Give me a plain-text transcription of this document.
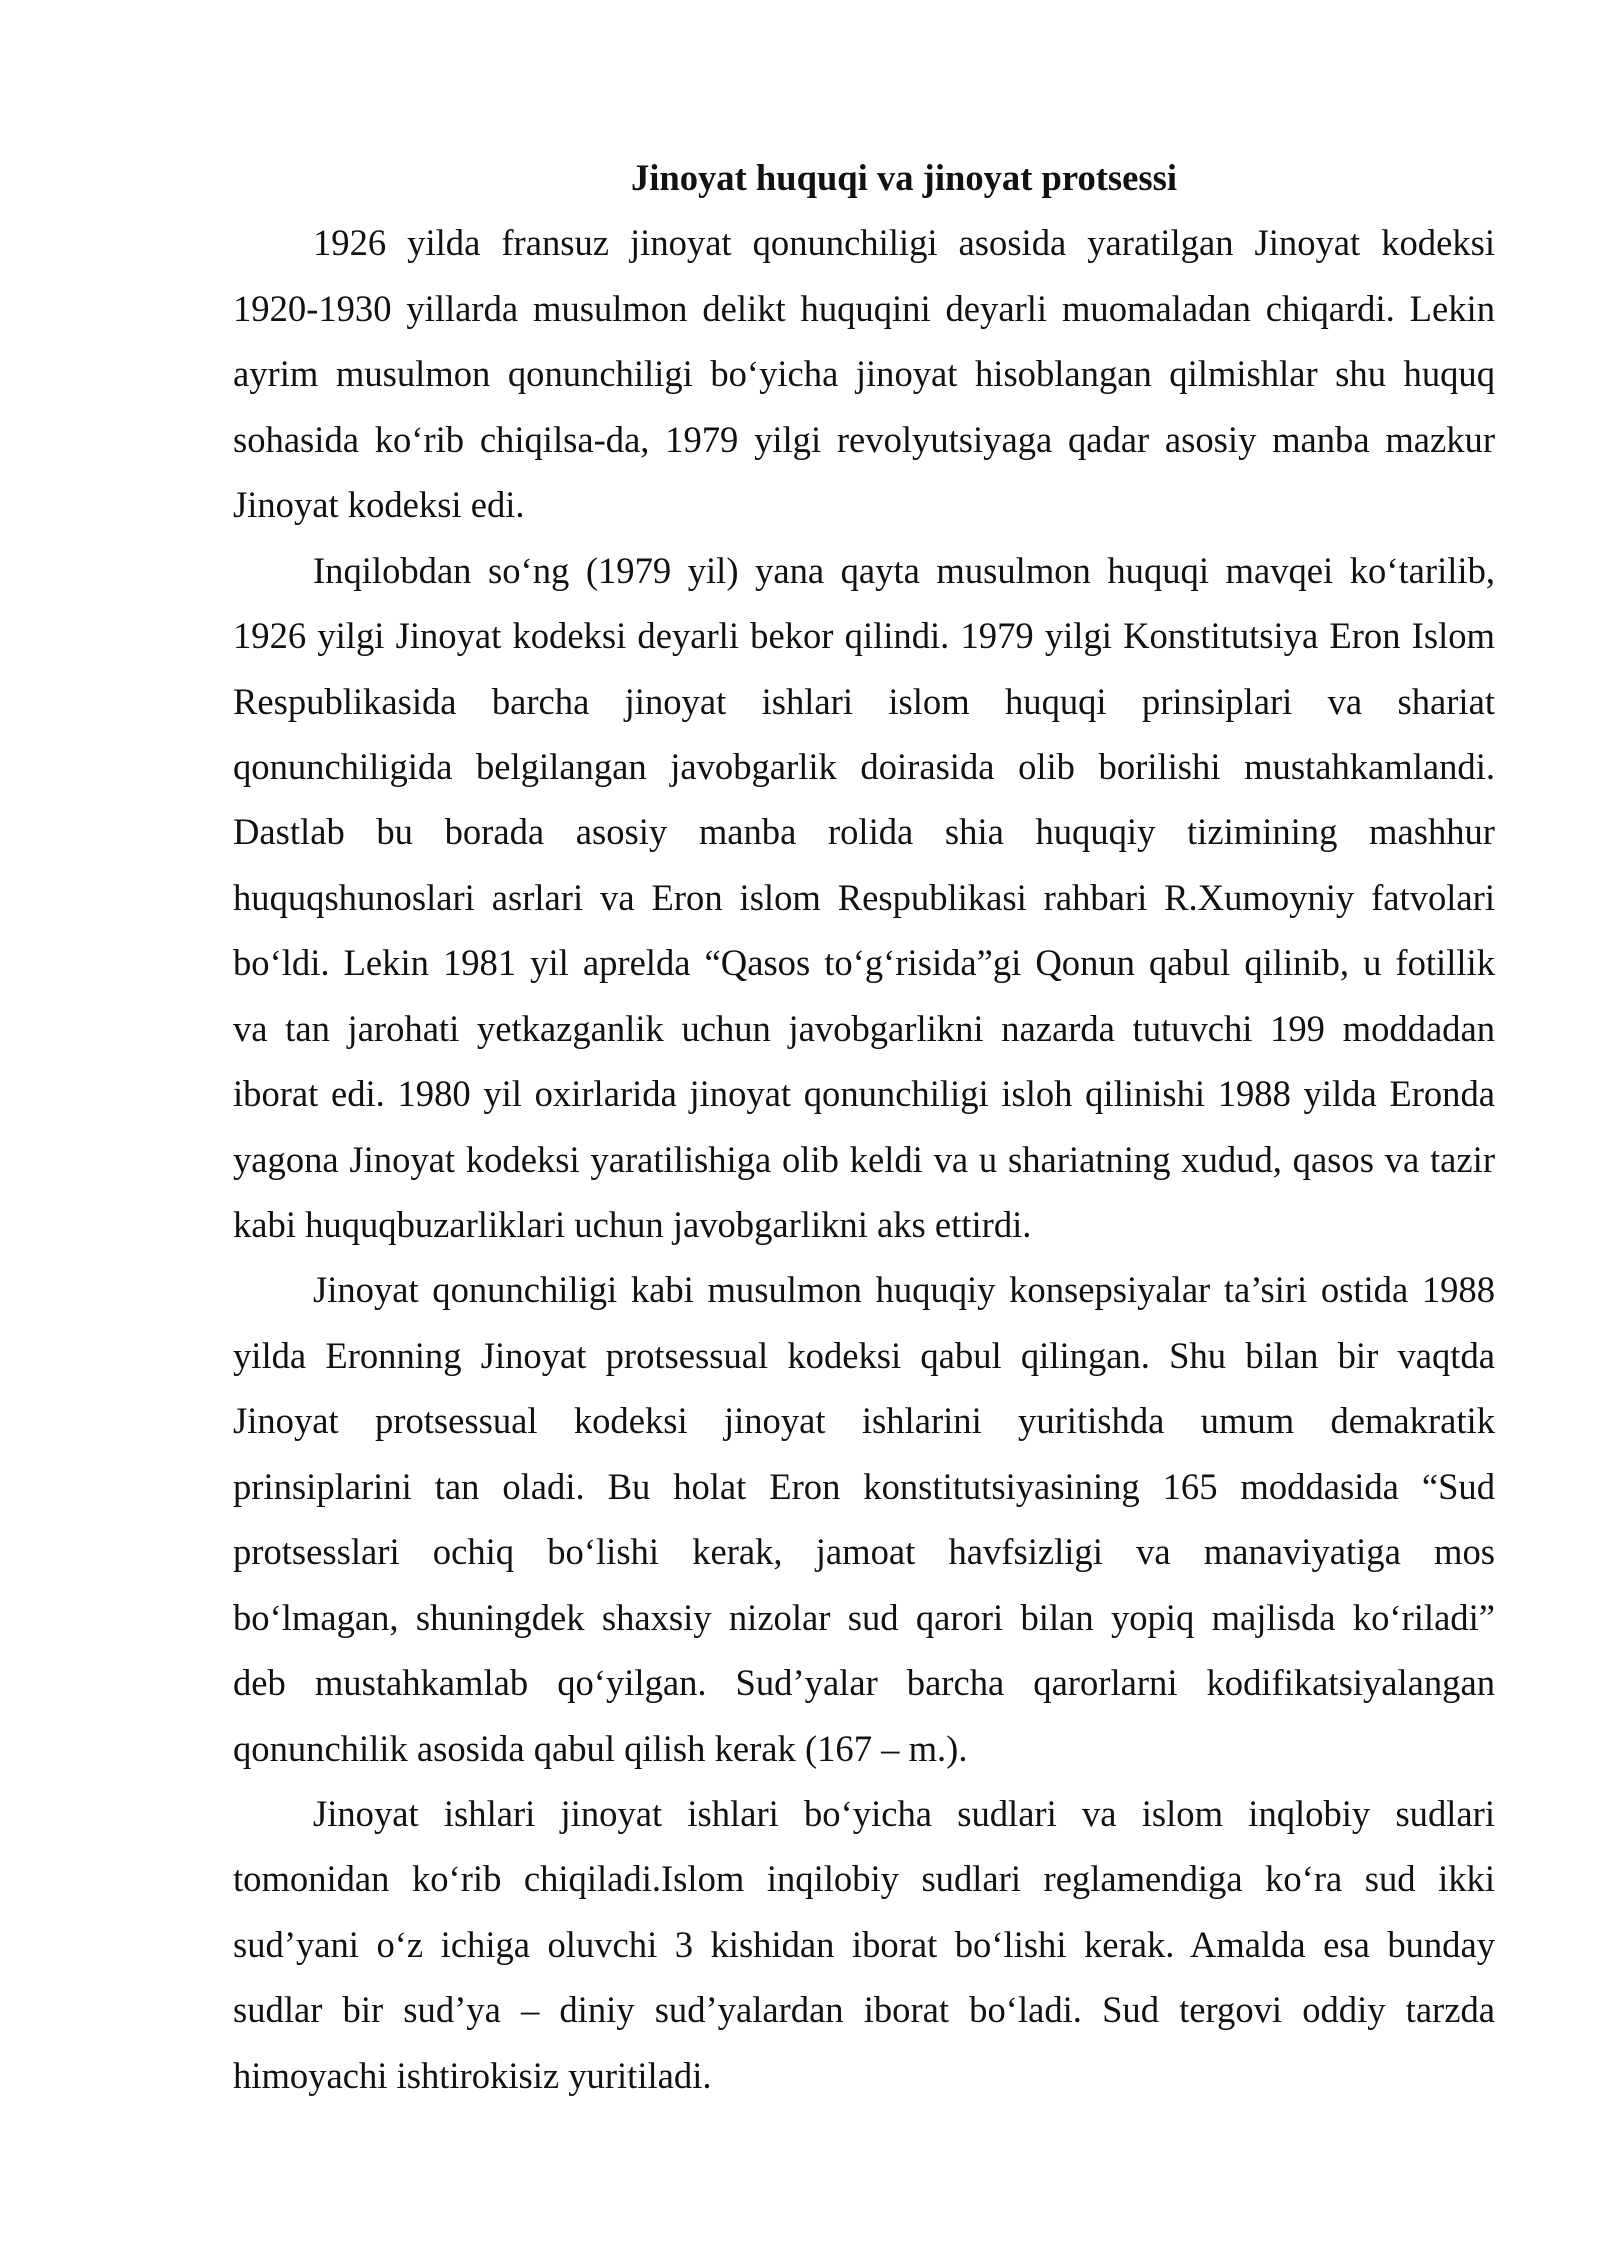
Jinoyat huquqi va jinoyat protsessi
1926 yilda fransuz jinoyat qonunchiligi asosida yaratilgan Jinoyat kodeksi
1920-1930 yillarda musulmon delikt huquqini deyarli muomaladan chiqardi. Lekin
ayrim musulmon qonunchiligi bo‘yicha jinoyat hisoblangan qilmishlar shu huquq
sohasida ko‘rib chiqilsa-da, 1979 yilgi revolyutsiyaga qadar asosiy manba mazkur
Jinoyat kodeksi edi.
Inqilobdan so‘ng (1979 yil) yana qayta musulmon huquqi mavqei ko‘tarilib,
1926 yilgi Jinoyat kodeksi deyarli bekor qilindi. 1979 yilgi Konstitutsiya Eron Islom
Respublikasida barcha jinoyat ishlari islom huquqi prinsiplari va shariat
qonunchiligida belgilangan javobgarlik doirasida olib borilishi mustahkamlandi.
Dastlab bu borada asosiy manba rolida shia huquqiy tizimining mashhur
huquqshunoslari asrlari va Eron islom Respublikasi rahbari R.Xumoyniy fatvolari
bo‘ldi. Lekin 1981 yil aprelda “Qasos to‘g‘risida”gi Qonun qabul qilinib, u fotillik
va tan jarohati yetkazganlik uchun javobgarlikni nazarda tutuvchi 199 moddadan
iborat edi. 1980 yil oxirlarida jinoyat qonunchiligi isloh qilinishi 1988 yilda Eronda
yagona Jinoyat kodeksi yaratilishiga olib keldi va u shariatning xudud, qasos va tazir
kabi huquqbuzarliklari uchun javobgarlikni aks ettirdi.
Jinoyat qonunchiligi kabi musulmon huquqiy konsepsiyalar ta’siri ostida 1988
yilda Eronning Jinoyat protsessual kodeksi qabul qilingan. Shu bilan bir vaqtda
Jinoyat protsessual kodeksi jinoyat ishlarini yuritishda umum demakratik
prinsiplarini tan oladi. Bu holat Eron konstitutsiyasining 165 moddasida “Sud
protsesslari ochiq bo‘lishi kerak, jamoat havfsizligi va manaviyatiga mos
bo‘lmagan, shuningdek shaxsiy nizolar sud qarori bilan yopiq majlisda ko‘riladi”
deb mustahkamlab qo‘yilgan. Sud’yalar barcha qarorlarni kodifikatsiyalangan
qonunchilik asosida qabul qilish kerak (167 – m.).
Jinoyat ishlari jinoyat ishlari bo‘yicha sudlari va islom inqlobiy sudlari
tomonidan ko‘rib chiqiladi.Islom inqilobiy sudlari reglamendiga ko‘ra sud ikki
sud’yani o‘z ichiga oluvchi 3 kishidan iborat bo‘lishi kerak. Amalda esa bunday
sudlar bir sud’ya – diniy sud’yalardan iborat bo‘ladi. Sud tergovi oddiy tarzda
himoyachi ishtirokisiz yuritiladi.
